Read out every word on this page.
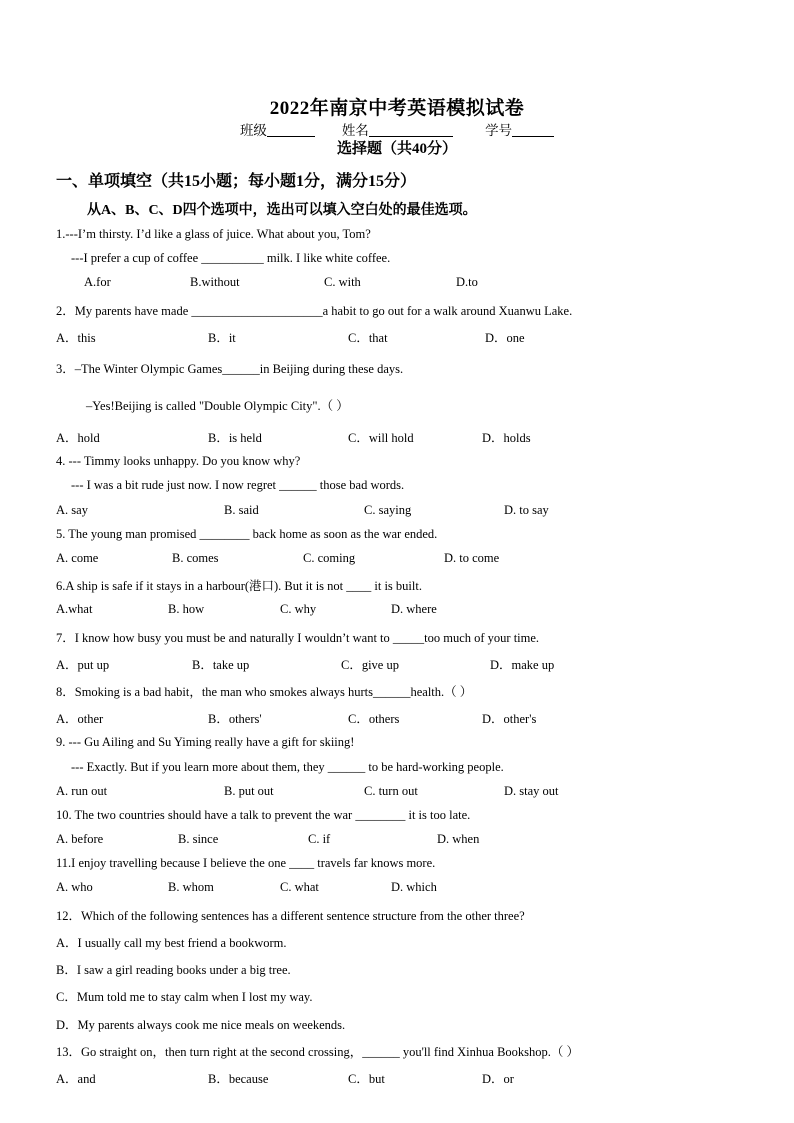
2022年南京中考英语模拟试卷
班级	姓名	学号
选择题（共40分）
一、单项填空（共15小题；每小题1分，满分15分）
从A、B、C、D四个选项中，选出可以填入空白处的最佳选项。
1.---I’m thirsty. I’d like a glass of juice. What about you, Tom?
---I prefer a cup of coffee __________ milk. I like white coffee.
A.for	B.without	C. with	D.to
2．My parents have made _____________________a habit to go out for a walk around Xuanwu Lake.
A．this	B．it	C．that	D．one
3．–The Winter Olympic Games______in Beijing during these days.
–Yes!Beijing is called "Double Olympic City".（ ）
A．hold	B．is held	C．will hold	D．holds
4. --- Timmy looks unhappy. Do you know why?
--- I was a bit rude just now. I now regret ______ those bad words.
A. say	B. said	C. saying	D. to say
5. The young man promised ________ back home as soon as the war ended.
A. come	B. comes	C. coming	D. to come
6.A ship is safe if it stays in a harbour(港口). But it is not ____ it is built.
A.what	B. how	C. why	D. where
7．I know how busy you must be and naturally I wouldn’t want to _____too much of your time.
A．put up	B．take up	C．give up	D．make up
8．Smoking is a bad habit，the man who smokes always hurts______health.（ ）
A．other	B．others'	C．others	D．other's
9. --- Gu Ailing and Su Yiming really have a gift for skiing!
--- Exactly. But if you learn more about them, they ______ to be hard-working people.
A. run out	B. put out	C. turn out	D. stay out
10. The two countries should have a talk to prevent the war ________ it is too late.
A. before	B. since	C. if	D. when
11.I enjoy travelling because I believe the one ____ travels far knows more.
A. who	B. whom	C. what	D. which
12．Which of the following sentences has a different sentence structure from the other three?
A．I usually call my best friend a bookworm.
B．I saw a girl reading books under a big tree.
C．Mum told me to stay calm when I lost my way.
D．My parents always cook me nice meals on weekends.
13．Go straight on，then turn right at the second crossing，______ you'll find Xinhua Bookshop.（ ）
A．and	B．because	C．but	D．or
